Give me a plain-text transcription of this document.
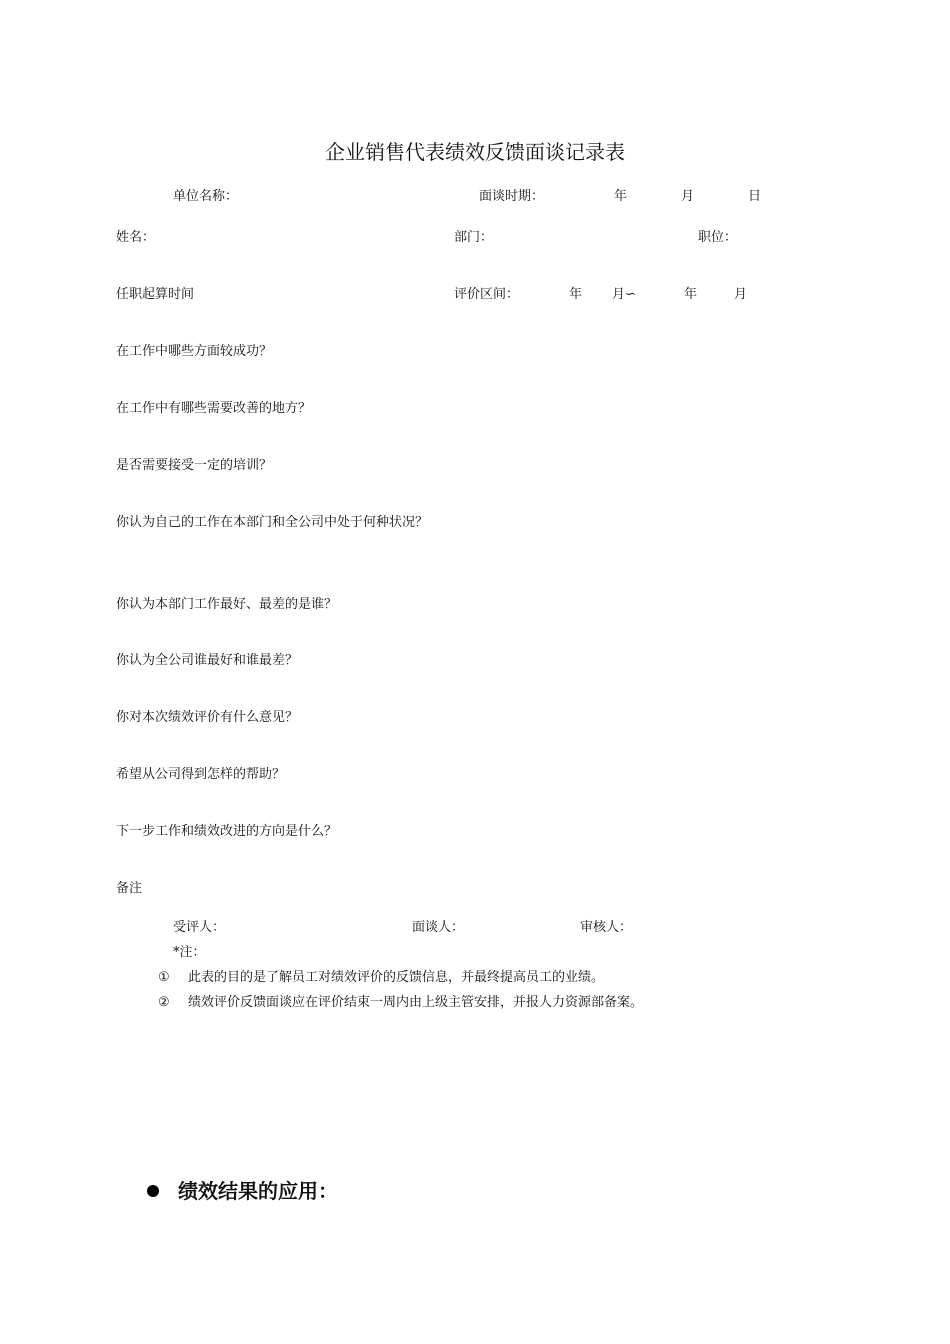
企业销售代表绩效反馈面谈记录表
单位名称：	面谈时期：	年	月	日
姓名：	部门：	职位：
任职起算时间	评价区间：	年 月∽	年	月
在工作中哪些方面较成功？
在工作中有哪些需要改善的地方？
是否需要接受一定的培训？
你认为自己的工作在本部门和全公司中处于何种状况？
你认为本部门工作最好、最差的是谁？
你认为全公司谁最好和谁最差？
你对本次绩效评价有什么意见？
希望从公司得到怎样的帮助？
下一步工作和绩效改进的方向是什么？
备注
受评人：	面谈人：	审核人：
*注：
① 此表的目的是了解员工对绩效评价的反馈信息，并最终提高员工的业绩。
② 绩效评价反馈面谈应在评价结束一周内由上级主管安排，并报人力资源部备案。
绩效结果的应用：
